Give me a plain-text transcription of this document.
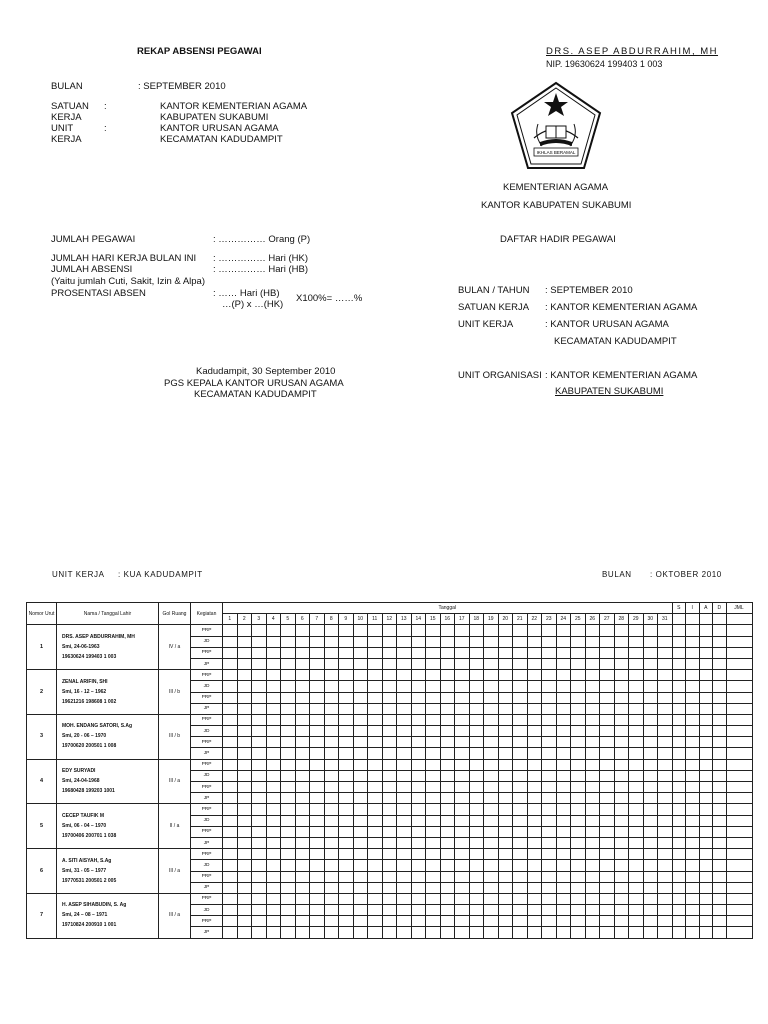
REKAP ABSENSI PEGAWAI	DRS. ASEP ABDURRAHIM, MH
NIP. 19630624 199403 1 003
BULAN	: SEPTEMBER 2010
SATUAN :	KANTOR KEMENTERIAN AGAMA
KERJA	KABUPATEN SUKABUMI
UNIT	:	KANTOR URUSAN AGAMA
KERJA	KECAMATAN KADUDAMPIT
IKHLAS BERAMAL
KEMENTERIAN AGAMA
KANTOR KABUPATEN SUKABUMI
DAFTAR HADIR PEGAWAI
JUMLAH PEGAWAI	: …………… Orang (P)
JUMLAH HARI KERJA BULAN INI : …………… Hari (HK)
JUMLAH ABSENSI	: …………… Hari (HB)
(Yaitu jumlah Cuti, Sakit, Izin & Alpa)
PROSENTASI ABSEN	: …… Hari (HB)
…(P) x …(HK)
X100%= ……%
BULAN / TAHUN : SEPTEMBER 2010
SATUAN KERJA : KANTOR KEMENTERIAN AGAMA
UNIT KERJA	: KANTOR URUSAN AGAMA
KECAMATAN KADUDAMPIT
UNIT ORGANISASI : KANTOR KEMENTERIAN AGAMA
KABUPATEN SUKABUMI
Kadudampit, 30 September 2010
PGS KEPALA KANTOR URUSAN AGAMA
KECAMATAN KADUDAMPIT
UNIT KERJA : KUA KADUDAMPIT	BULAN : OKTOBER 2010
Nomor Urut	Nama / Tanggal Lahir	Gol Ruang	Kegiatan	Tanggal																															S	I	A	D	JML
				1	2	3	4	5	6	7	8	9	10	11	12	13	14	15	16	17	18	19	20	21	22	23	24	25	26	27	28	29	30	31					
1	DRS. ASEP ABDURRAHIM, MH
Smi, 24-06-1963
19630624 199403 1 003	IV / a	PRP																																				
			JD																																				
			PRP																																				
			JP																																				
2	ZENAL ARIFIN, SHI
Smi, 16 - 12 – 1962
19621216 198608 1 002	III / b	PRP																																				
			JD																																				
			PRP																																				
			JP																																				
3	MOH. ENDANG SATORI, S.Ag
Smi, 20 - 06 – 1970
19700620 200501 1 008	III / b	PRP																																				
			JD																																				
			PRP																																				
			JP																																				
4	EDY SURYADI
Smi, 24-04-1968
19680428 199203 1001	III / a	PRP																																				
			JD																																				
			PRP																																				
			JP																																				
5	CECEP TAUFIK M
Smi, 06 - 04 – 1970
19700406 200701 1 038	II / a	PRP																																				
			JD																																				
			PRP																																				
			JP																																				
6	A. SITI AISYAH, S.Ag
Smi, 31 - 05 – 1977
19770531 200501 2 005	III / a	PRP																																				
			JD																																				
			PRP																																				
			JP																																				
7	H. ASEP SIHABUDIN, S. Ag
Smi, 24 – 08 – 1971
19710824 200910 1 001	III / a	PRP																																				
			JD																																				
			PRP																																				
			JP																																				
